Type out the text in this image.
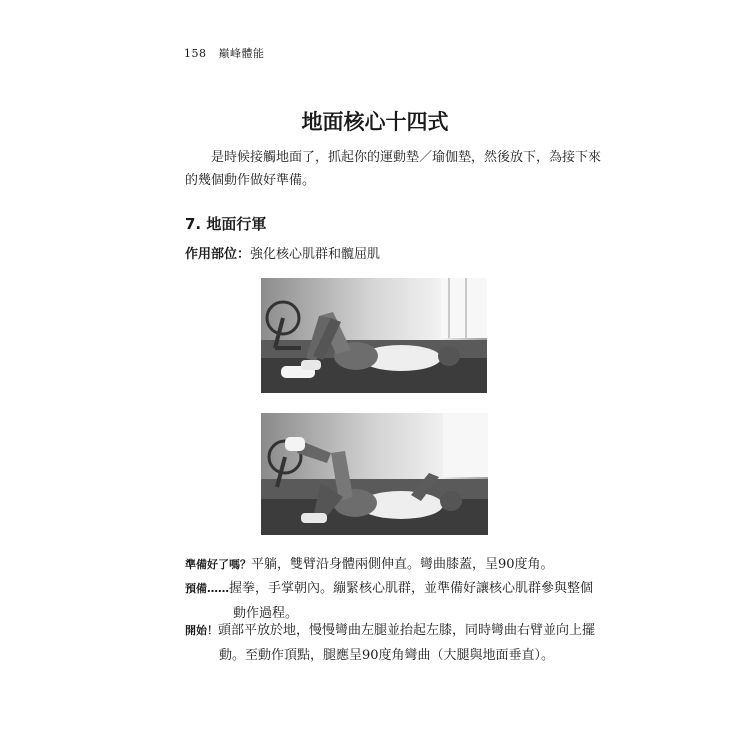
158 巔峰體能
地面核心十四式

是時候接觸地面了，抓起你的運動墊／瑜伽墊，然後放下，為接下來的幾個動作做好準備。

7. 地面行軍
作用部位：強化核心肌群和髖屈肌

準備好了嗎？平躺，雙臂沿身體兩側伸直。彎曲膝蓋，呈90度角。

預備……握拳，手掌朝內。繃緊核心肌群，並準備好讓核心肌群參與整個
動作過程。

開始！頭部平放於地，慢慢彎曲左腿並抬起左膝，同時彎曲右臂並向上擺
動。至動作頂點，腿應呈90度角彎曲（大腿與地面垂直）。
